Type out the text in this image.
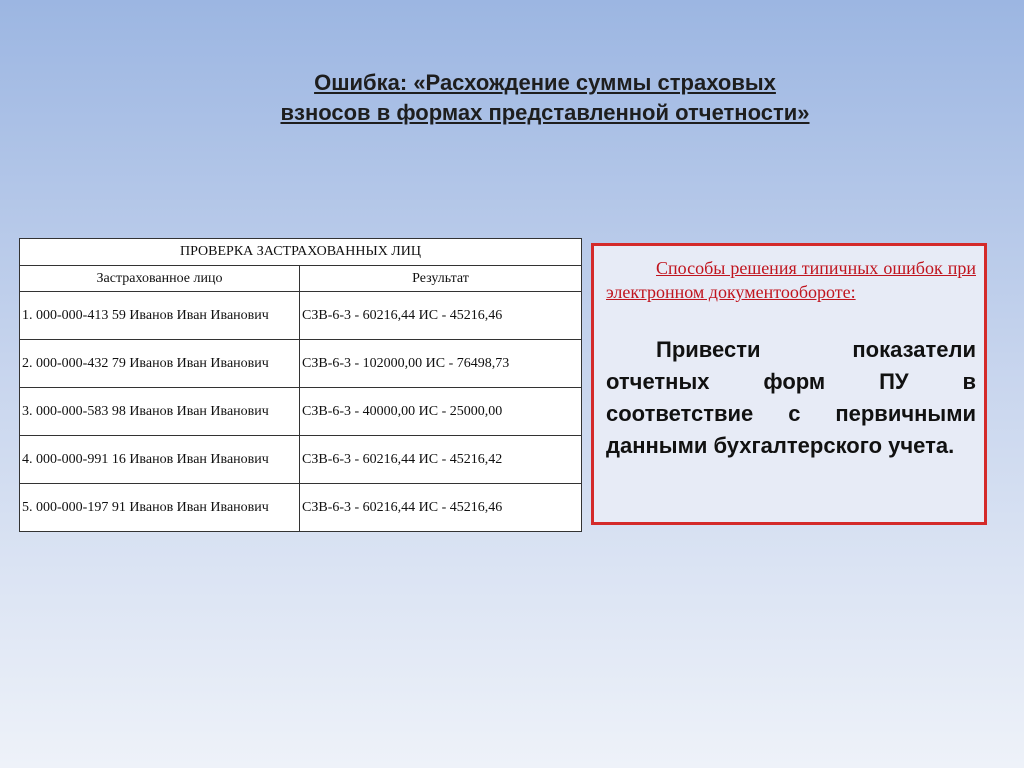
Ошибка: «Расхождение суммы страховых
взносов в формах представленной отчетности»
ПРОВЕРКА ЗАСТРАХОВАННЫХ ЛИЦ	
Застрахованное лицо	Результат
1. 000-000-413 59 Иванов Иван Иванович	СЗВ-6-3 - 60216,44 ИС - 45216,46
2. 000-000-432 79 Иванов Иван Иванович	СЗВ-6-3 - 102000,00 ИС - 76498,73
3. 000-000-583 98 Иванов Иван Иванович	СЗВ-6-3 - 40000,00 ИС - 25000,00
4. 000-000-991 16 Иванов Иван Иванович	СЗВ-6-3 - 60216,44 ИС - 45216,42
5. 000-000-197 91 Иванов Иван Иванович	СЗВ-6-3 - 60216,44 ИС - 45216,46

Способы решения типичных ошибок при электронном документообороте:

Привести показатели отчетных форм ПУ в соответствие с первичными данными бухгалтерского учета.
